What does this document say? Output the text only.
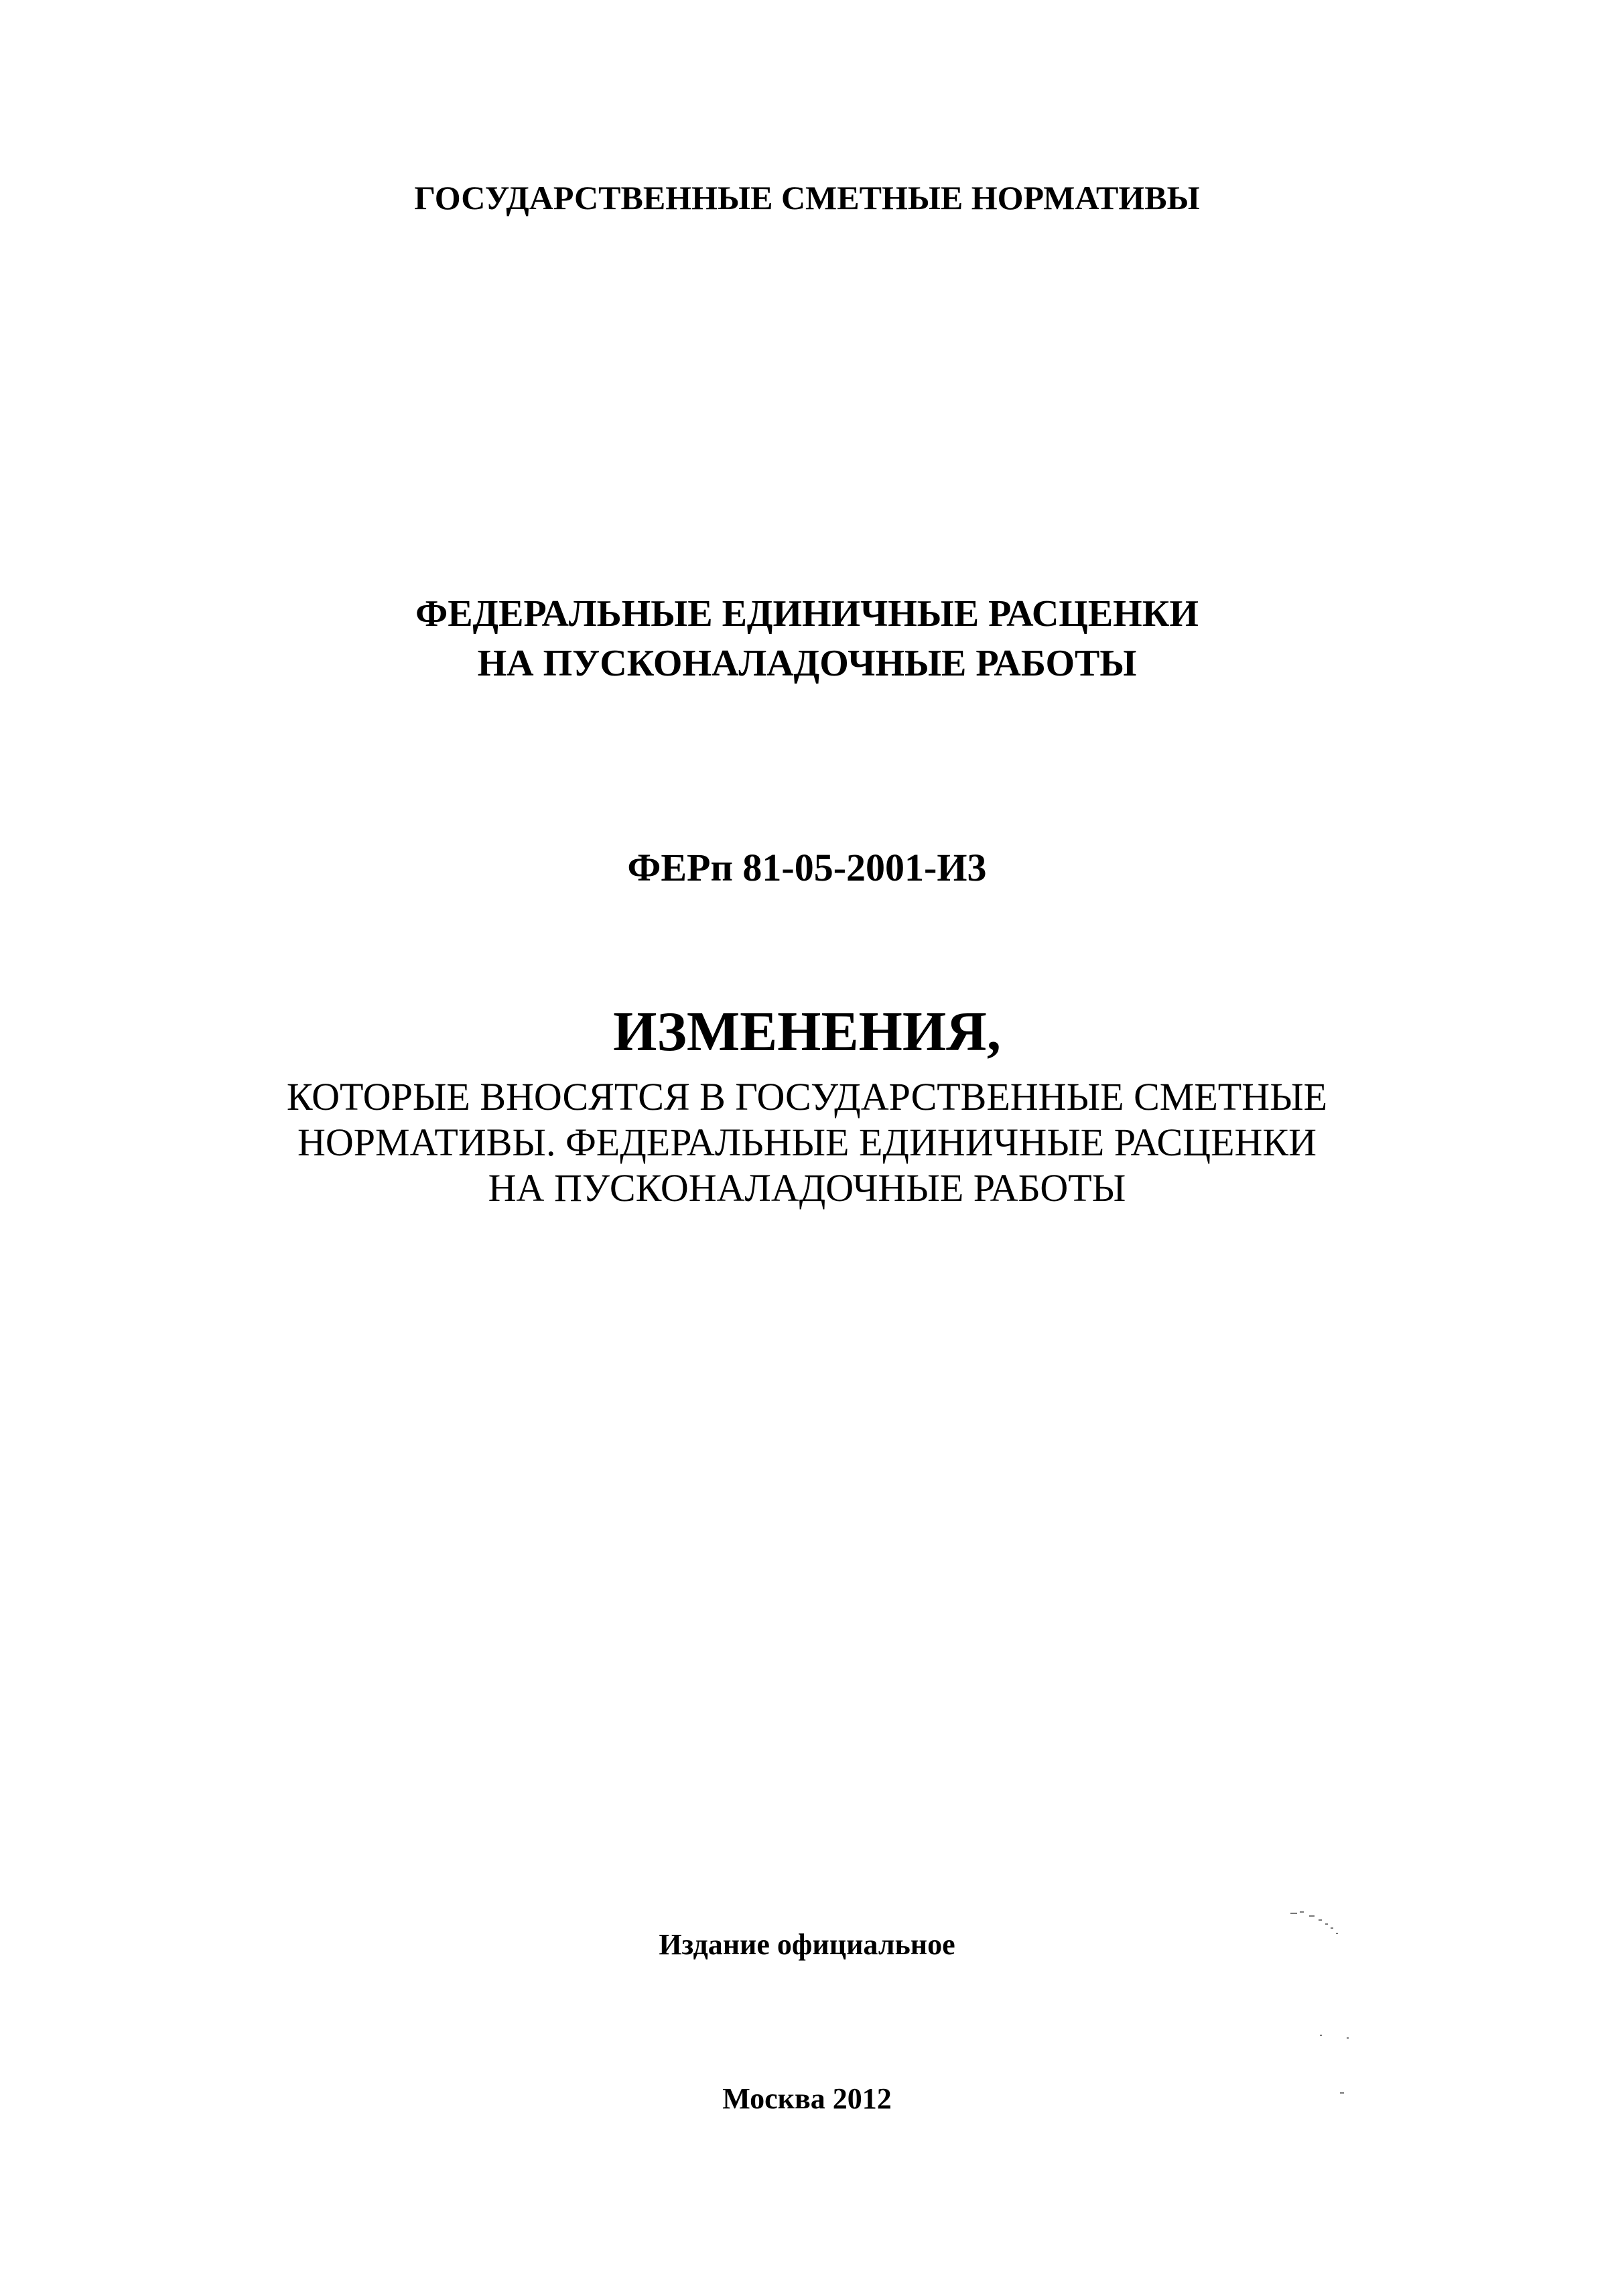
ГОСУДАРСТВЕННЫЕ СМЕТНЫЕ НОРМАТИВЫ
ФЕДЕРАЛЬНЫЕ ЕДИНИЧНЫЕ РАСЦЕНКИ
НА ПУСКОНАЛАДОЧНЫЕ РАБОТЫ
ФЕРп 81-05-2001-И3
ИЗМЕНЕНИЯ,
КОТОРЫЕ ВНОСЯТСЯ В ГОСУДАРСТВЕННЫЕ СМЕТНЫЕ
НОРМАТИВЫ. ФЕДЕРАЛЬНЫЕ ЕДИНИЧНЫЕ РАСЦЕНКИ
НА ПУСКОНАЛАДОЧНЫЕ РАБОТЫ
Издание официальное
Москва 2012
